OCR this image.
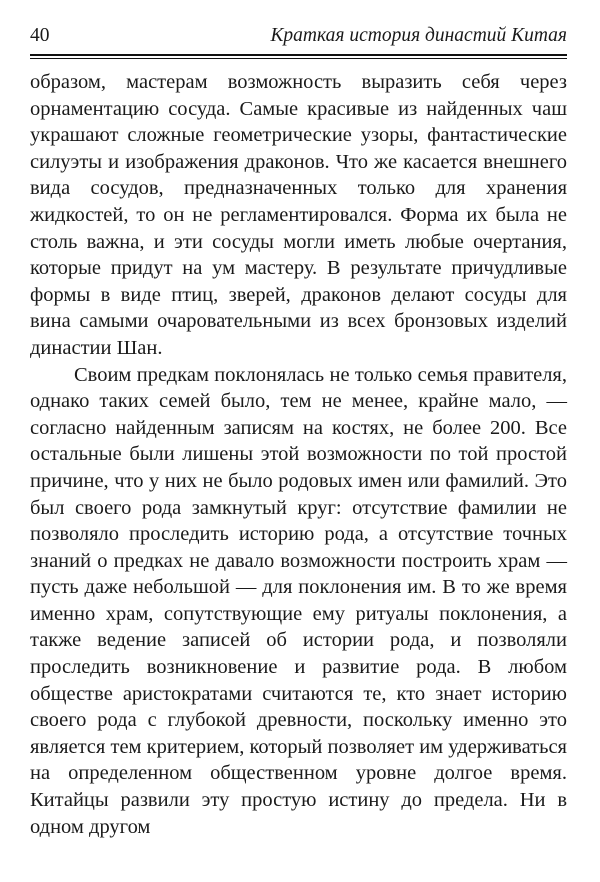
40	Краткая история династий Китая

образом, мастерам возможность выразить себя через орнаментацию сосуда. Самые красивые из найденных чаш украшают сложные геометрические узоры, фантастические силуэты и изображения драконов. Что же касается внешнего вида сосудов, предназначенных только для хранения жидкостей, то он не регламентировался. Форма их была не столь важна, и эти сосуды могли иметь любые очертания, которые придут на ум мастеру. В результате причудливые формы в виде птиц, зверей, драконов делают сосуды для вина самыми очаровательными из всех бронзовых изделий династии Шан.

Своим предкам поклонялась не только семья правителя, однако таких семей было, тем не менее, крайне мало, — согласно найденным записям на костях, не более 200. Все остальные были лишены этой возможности по той простой причине, что у них не было родовых имен или фамилий. Это был своего рода замкнутый круг: отсутствие фамилии не позволяло проследить историю рода, а отсутствие точных знаний о предках не давало возможности построить храм — пусть даже небольшой — для поклонения им. В то же время именно храм, сопутствующие ему ритуалы поклонения, а также ведение записей об истории рода, и позволяли проследить возникновение и развитие рода. В любом обществе аристократами считаются те, кто знает историю своего рода с глубокой древности, поскольку именно это является тем критерием, который позволяет им удерживаться на определенном общественном уровне долгое время. Китайцы развили эту простую истину до предела. Ни в одном другом
